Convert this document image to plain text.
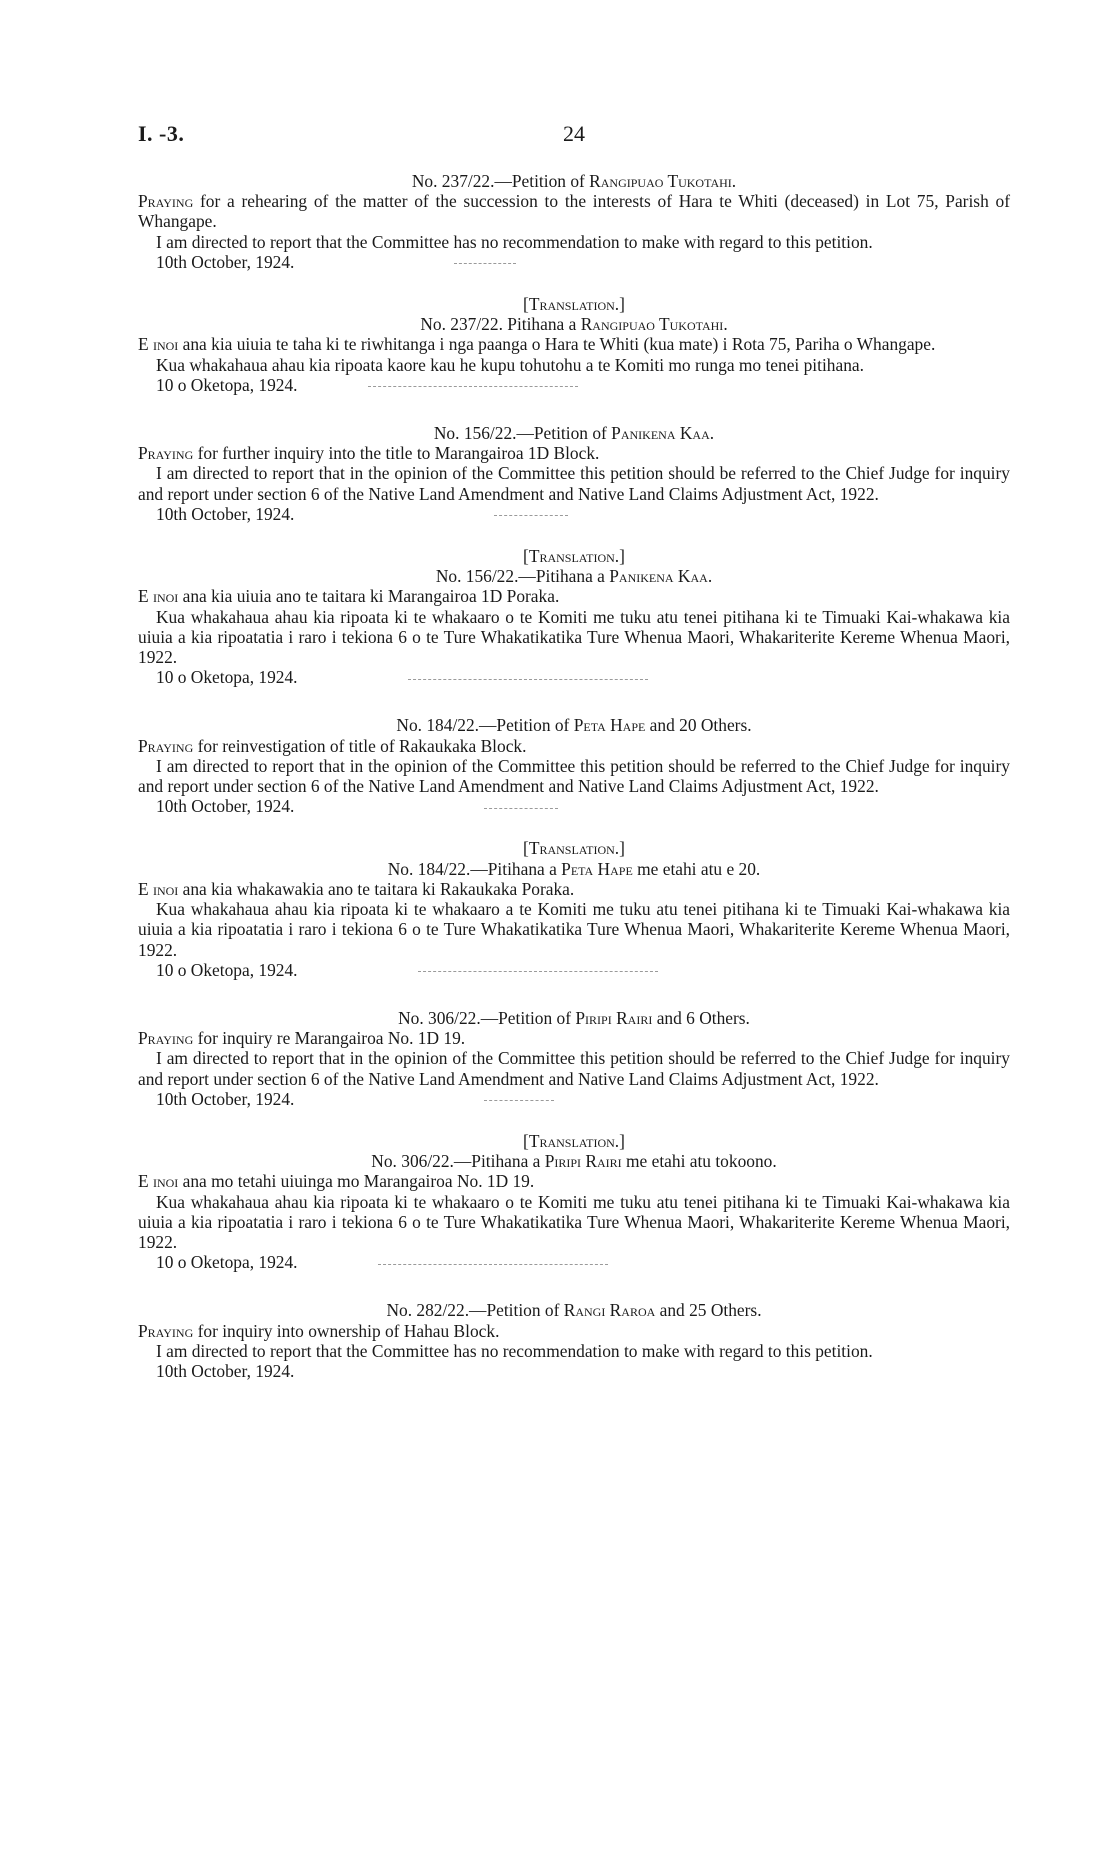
I. -3.	24
No. 237/22.—Petition of Rangipuao Tukotahi.

Praying for a rehearing of the matter of the succession to the interests of Hara te Whiti (deceased) in Lot 75, Parish of Whangape.

I am directed to report that the Committee has no recommendation to make with regard to this petition.

10th October, 1924.
[Translation.]
No. 237/22. Pitihana a Rangipuao Tukotahi.

E inoi ana kia uiuia te taha ki te riwhitanga i nga paanga o Hara te Whiti (kua mate) i Rota 75, Pariha o Whangape.

Kua whakahaua ahau kia ripoata kaore kau he kupu tohutohu a te Komiti mo runga mo tenei pitihana.

10 o Oketopa, 1924.
No. 156/22.—Petition of Panikena Kaa.

Praying for further inquiry into the title to Marangairoa 1D Block.

I am directed to report that in the opinion of the Committee this petition should be referred to the Chief Judge for inquiry and report under section 6 of the Native Land Amendment and Native Land Claims Adjustment Act, 1922.

10th October, 1924.
[Translation.]
No. 156/22.—Pitihana a Panikena Kaa.

E inoi ana kia uiuia ano te taitara ki Marangairoa 1D Poraka.

Kua whakahaua ahau kia ripoata ki te whakaaro o te Komiti me tuku atu tenei pitihana ki te Timuaki Kai-whakawa kia uiuia a kia ripoatatia i raro i tekiona 6 o te Ture Whakatikatika Ture Whenua Maori, Whakariterite Kereme Whenua Maori, 1922.

10 o Oketopa, 1924.
No. 184/22.—Petition of Peta Hape and 20 Others.

Praying for reinvestigation of title of Rakaukaka Block.

I am directed to report that in the opinion of the Committee this petition should be referred to the Chief Judge for inquiry and report under section 6 of the Native Land Amendment and Native Land Claims Adjustment Act, 1922.

10th October, 1924.
[Translation.]
No. 184/22.—Pitihana a Peta Hape me etahi atu e 20.

E inoi ana kia whakawakia ano te taitara ki Rakaukaka Poraka.

Kua whakahaua ahau kia ripoata ki te whakaaro a te Komiti me tuku atu tenei pitihana ki te Timuaki Kai-whakawa kia uiuia a kia ripoatatia i raro i tekiona 6 o te Ture Whakatikatika Ture Whenua Maori, Whakariterite Kereme Whenua Maori, 1922.

10 o Oketopa, 1924.
No. 306/22.—Petition of Piripi Rairi and 6 Others.

Praying for inquiry re Marangairoa No. 1D 19.

I am directed to report that in the opinion of the Committee this petition should be referred to the Chief Judge for inquiry and report under section 6 of the Native Land Amendment and Native Land Claims Adjustment Act, 1922.

10th October, 1924.
[Translation.]
No. 306/22.—Pitihana a Piripi Rairi me etahi atu tokoono.

E inoi ana mo tetahi uiuinga mo Marangairoa No. 1D 19.

Kua whakahaua ahau kia ripoata ki te whakaaro o te Komiti me tuku atu tenei pitihana ki te Timuaki Kai-whakawa kia uiuia a kia ripoatatia i raro i tekiona 6 o te Ture Whakatikatika Ture Whenua Maori, Whakariterite Kereme Whenua Maori, 1922.

10 o Oketopa, 1924.
No. 282/22.—Petition of Rangi Raroa and 25 Others.

Praying for inquiry into ownership of Hahau Block.

I am directed to report that the Committee has no recommendation to make with regard to this petition.

10th October, 1924.
